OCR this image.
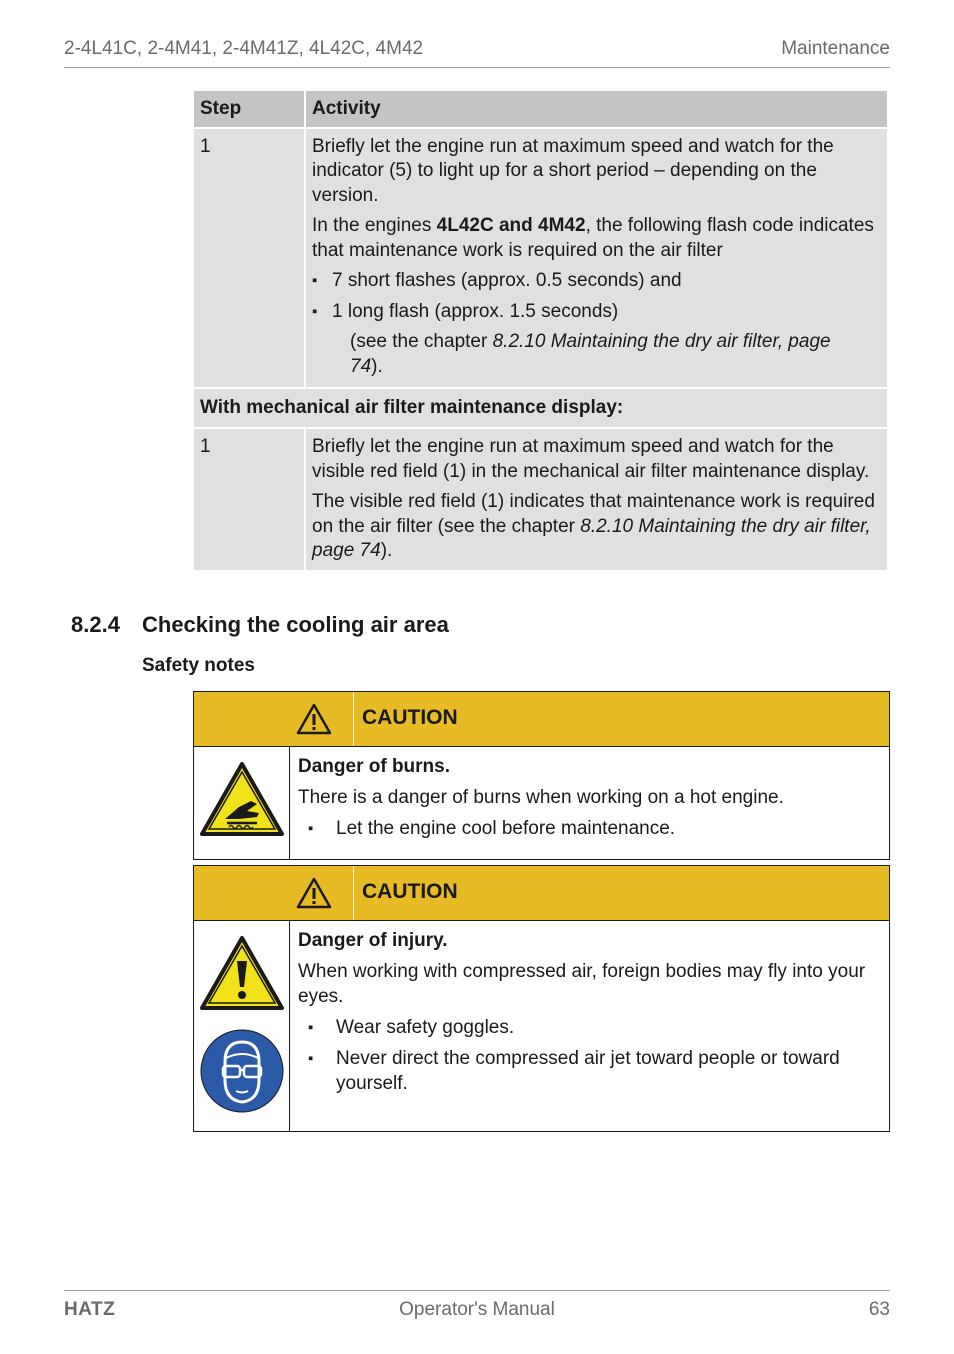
2-4L41C, 2-4M41, 2-4M41Z, 4L42C, 4M42	Maintenance
Step	Activity
1	Briefly let the engine run at maximum speed and watch for the indicator (5) to light up for a short period – depending on the version.

In the engines 4L42C and 4M42, the following flash code indicates that maintenance work is required on the air filter

▪ 7 short flashes (approx. 0.5 seconds) and
▪ 1 long flash (approx. 1.5 seconds)

(see the chapter 8.2.10 Maintaining the dry air filter, page 74).

With mechanical air filter maintenance display:	
1	Briefly let the engine run at maximum speed and watch for the visible red field (1) in the mechanical air filter maintenance display.

The visible red field (1) indicates that maintenance work is required on the air filter (see the chapter 8.2.10 Maintaining the dry air filter, page 74).

8.2.4 Checking the cooling air area
Safety notes
CAUTION
Danger of burns.

There is a danger of burns when working on a hot engine.

▪ Let the engine cool before maintenance.
CAUTION
Danger of injury.

When working with compressed air, foreign bodies may fly into your eyes.

▪ Wear safety goggles.
▪ Never direct the compressed air jet toward people or toward yourself.
HATZ	Operator's Manual	63
